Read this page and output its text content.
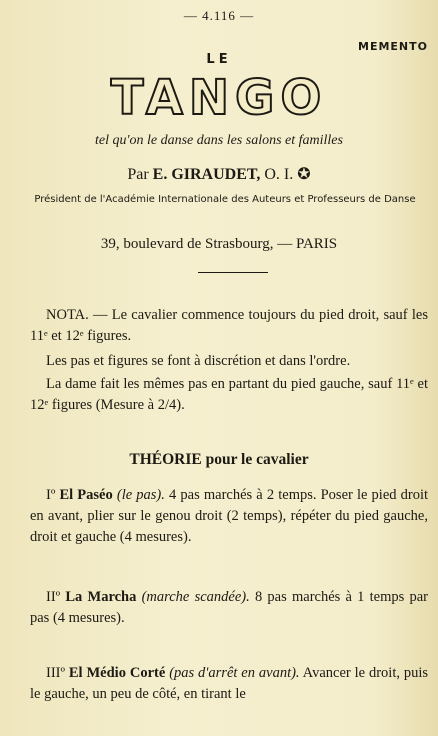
— 4.116 —
MEMENTO
LE
TANGO
tel qu'on le danse dans les salons et familles
Par E. GIRAUDET, O. I. ✪
Président de l'Académie Internationale des Auteurs et Professeurs de Danse
39, boulevard de Strasbourg, — PARIS
NOTA. — Le cavalier commence toujours du pied droit, sauf les 11ᵉ et 12ᵉ figures.
Les pas et figures se font à discrétion et dans l'ordre.
La dame fait les mêmes pas en partant du pied gauche, sauf 11ᵉ et 12ᵉ figures (Mesure à 2/4).
THÉORIE pour le cavalier
Iº El Paséo (le pas). 4 pas marchés à 2 temps. Poser le pied droit en avant, plier sur le genou droit (2 temps), répéter du pied gauche, droit et gauche (4 mesures).
IIº La Marcha (marche scandée). 8 pas marchés à 1 temps par pas (4 mesures).
IIIº El Médio Corté (pas d'arrêt en avant). Avancer le droit, puis le gauche, un peu de côté, en tirant le
